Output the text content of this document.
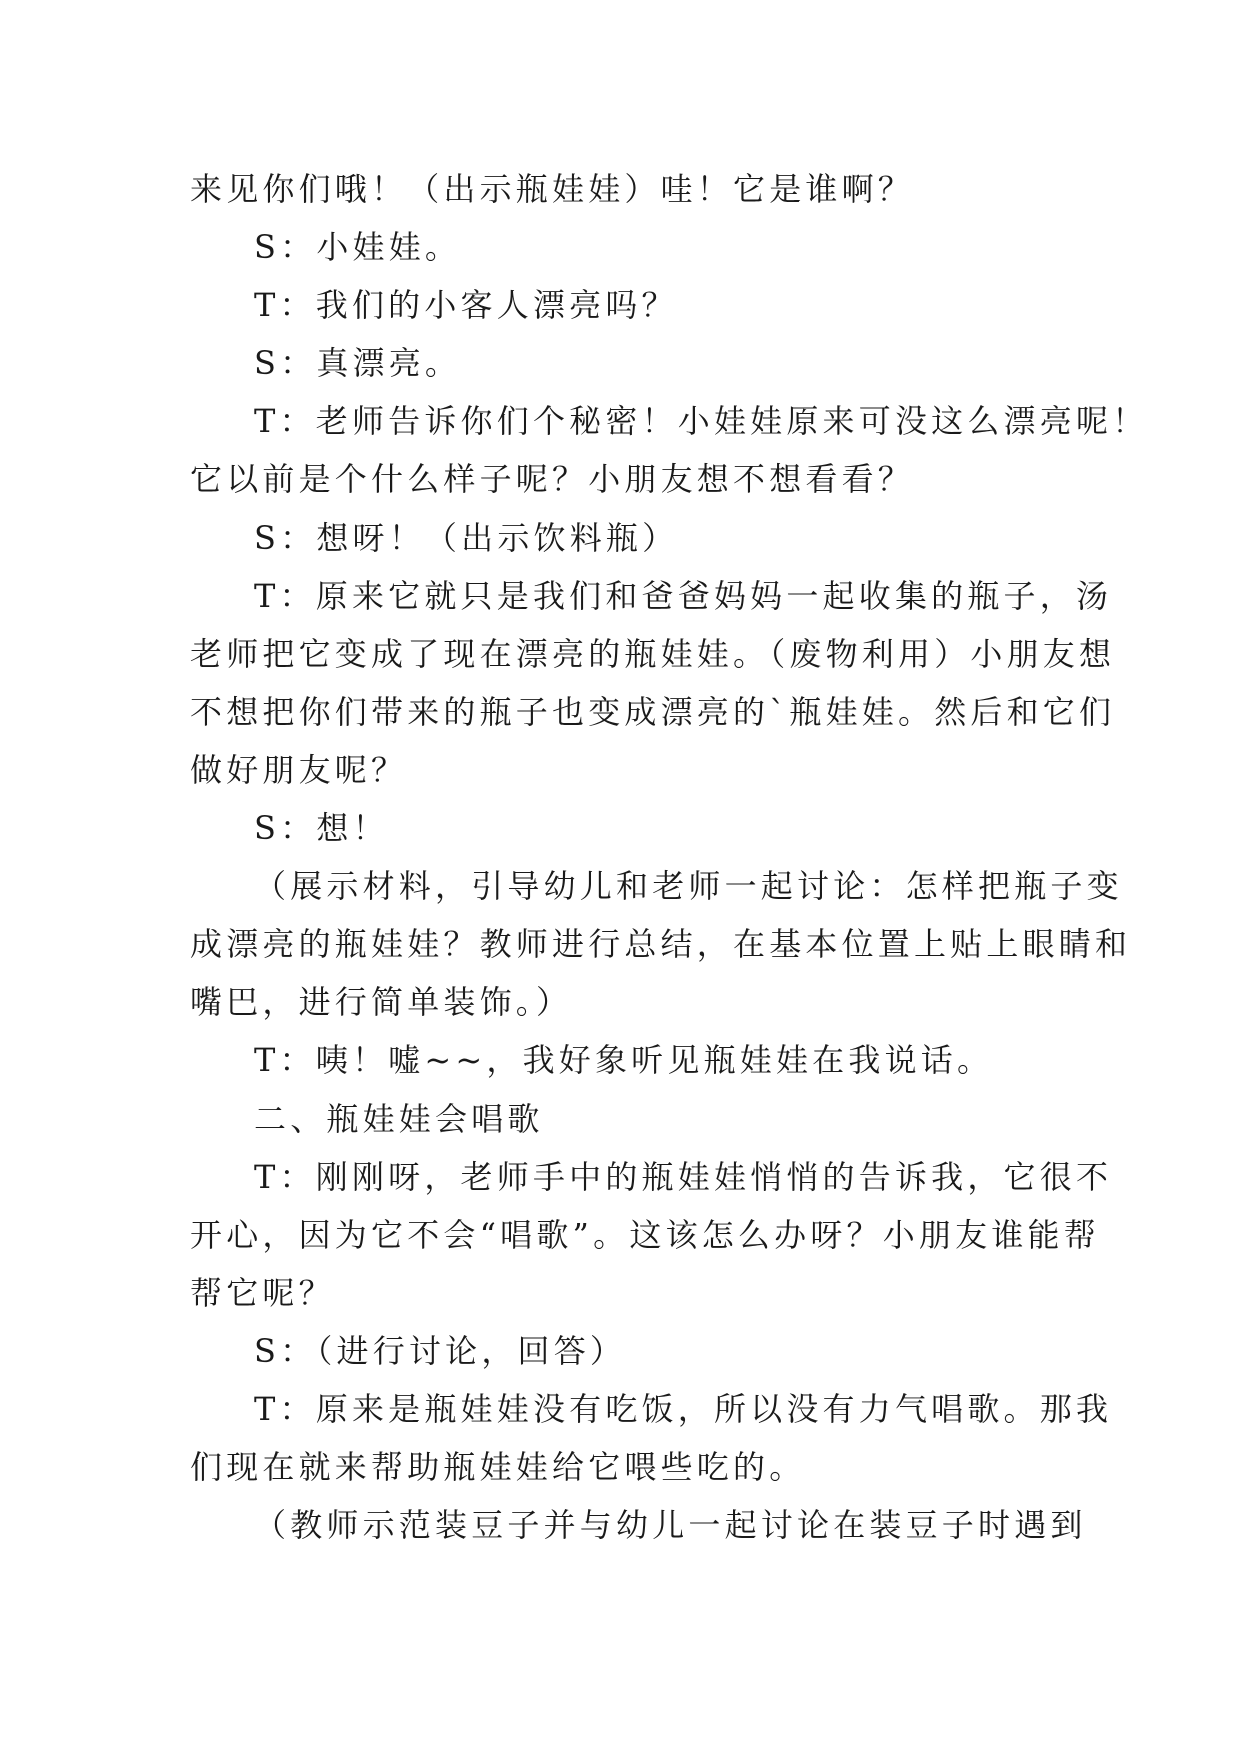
来见你们哦！（出示瓶娃娃）哇！它是谁啊？
S：小娃娃。
T：我们的小客人漂亮吗？
S：真漂亮。
T：老师告诉你们个秘密！小娃娃原来可没这么漂亮呢！
它以前是个什么样子呢？小朋友想不想看看？
S：想呀！（出示饮料瓶）
T：原来它就只是我们和爸爸妈妈一起收集的瓶子，汤
老师把它变成了现在漂亮的瓶娃娃。（废物利用）小朋友想
不想把你们带来的瓶子也变成漂亮的`瓶娃娃。然后和它们
做好朋友呢？
S：想！
（展示材料，引导幼儿和老师一起讨论：怎样把瓶子变
成漂亮的瓶娃娃？教师进行总结，在基本位置上贴上眼睛和
嘴巴，进行简单装饰。）
T：咦！嘘~~，我好象听见瓶娃娃在我说话。
二、瓶娃娃会唱歌
T：刚刚呀，老师手中的瓶娃娃悄悄的告诉我，它很不
开心，因为它不会“唱歌”。这该怎么办呀？小朋友谁能帮
帮它呢？
S：（进行讨论，回答）
T：原来是瓶娃娃没有吃饭，所以没有力气唱歌。那我
们现在就来帮助瓶娃娃给它喂些吃的。
（教师示范装豆子并与幼儿一起讨论在装豆子时遇到
